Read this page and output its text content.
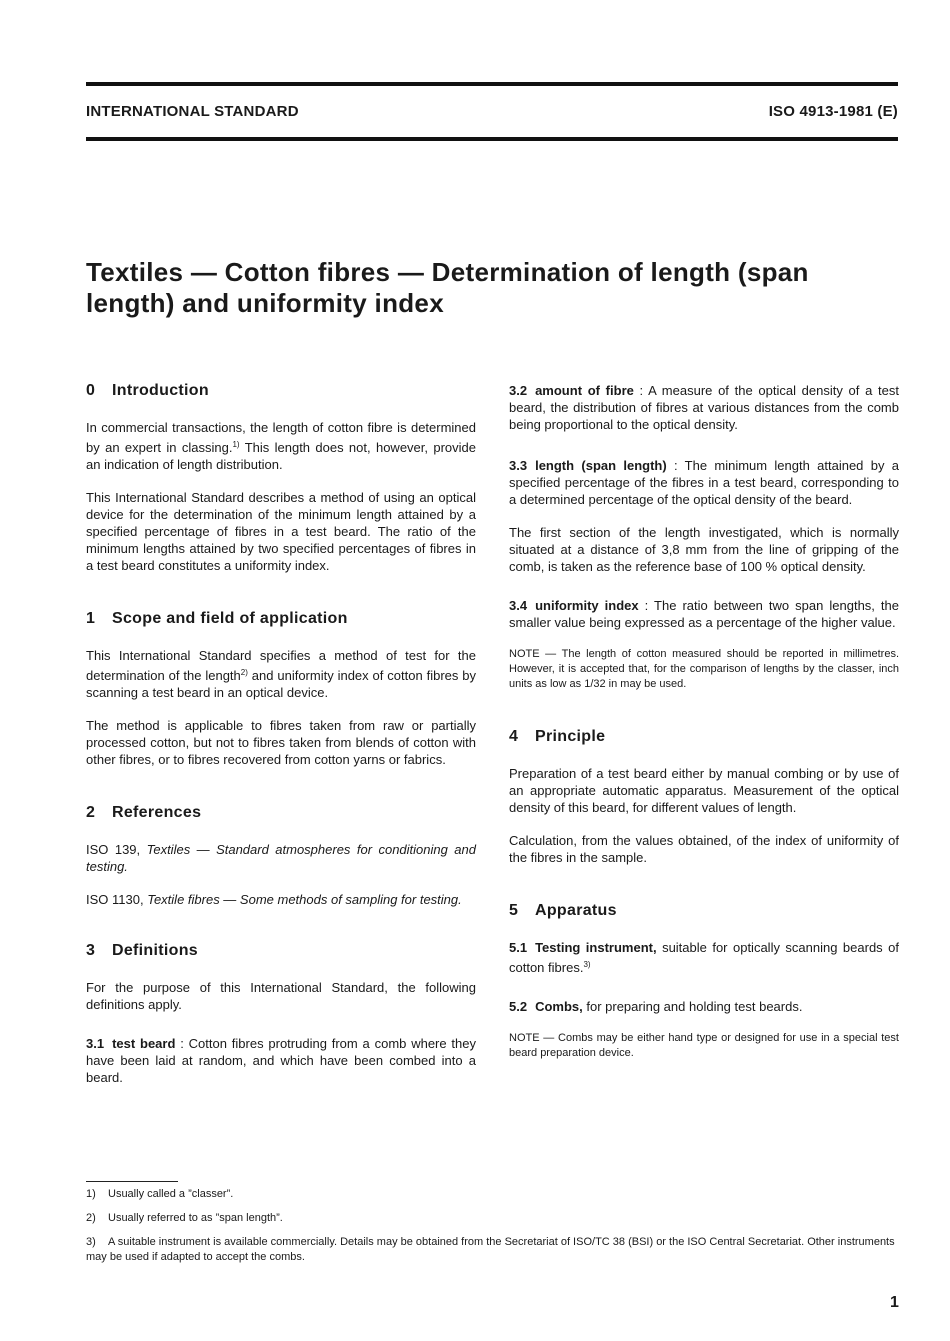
INTERNATIONAL STANDARD	ISO 4913-1981 (E)
Textiles — Cotton fibres — Determination of length (span
length) and uniformity index
0 Introduction

In commercial transactions, the length of cotton fibre is determined by an expert in classing.$^{1)}$ This length does not, however, provide an indication of length distribution.

This International Standard describes a method of using an optical device for the determination of the minimum length attained by a specified percentage of fibres in a test beard. The ratio of the minimum lengths attained by two specified percentages of fibres in a test beard constitutes a uniformity index.

1 Scope and field of application

This International Standard specifies a method of test for the determination of the length$^{2)}$ and uniformity index of cotton fibres by scanning a test beard in an optical device.

The method is applicable to fibres taken from raw or partially processed cotton, but not to fibres taken from blends of cotton with other fibres, or to fibres recovered from cotton yarns or fabrics.

2 References

ISO 139, Textiles — Standard atmospheres for conditioning and testing.

ISO 1130, Textile fibres — Some methods of sampling for testing.

3 Definitions

For the purpose of this International Standard, the following definitions apply.

3.1 test beard : Cotton fibres protruding from a comb where they have been laid at random, and which have been combed into a beard.

3.2 amount of fibre : A measure of the optical density of a test beard, the distribution of fibres at various distances from the comb being proportional to the optical density.

3.3 length (span length) : The minimum length attained by a specified percentage of the fibres in a test beard, corresponding to a determined percentage of the optical density of the beard.

The first section of the length investigated, which is normally situated at a distance of 3,8 mm from the line of gripping of the comb, is taken as the reference base of 100 % optical density.

3.4 uniformity index : The ratio between two span lengths, the smaller value being expressed as a percentage of the higher value.

NOTE — The length of cotton measured should be reported in millimetres. However, it is accepted that, for the comparison of lengths by the classer, inch units as low as 1/32 in may be used.

4 Principle

Preparation of a test beard either by manual combing or by use of an appropriate automatic apparatus. Measurement of the optical density of this beard, for different values of length.

Calculation, from the values obtained, of the index of uniformity of the fibres in the sample.

5 Apparatus

5.1 Testing instrument, suitable for optically scanning beards of cotton fibres.$^{3)}$

5.2 Combs, for preparing and holding test beards.

NOTE — Combs may be either hand type or designed for use in a special test beard preparation device.

1) Usually called a ”classer”.
2) Usually referred to as ”span length”.
3) A suitable instrument is available commercially. Details may be obtained from the Secretariat of ISO/TC 38 (BSI) or the ISO Central Secretariat. Other instruments may be used if adapted to accept the combs.
1
